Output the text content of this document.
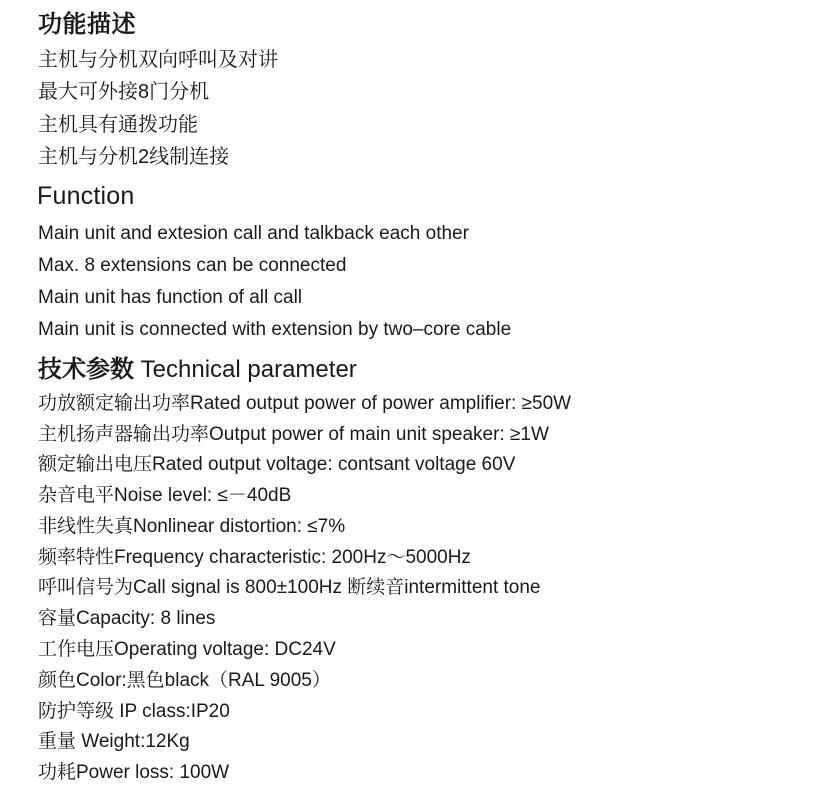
功能描述

主机与分机双向呼叫及对讲

最大可外接8门分机

主机具有通拨功能

主机与分机2线制连接

Function

Main unit and extesion call and talkback each other

Max. 8 extensions can be connected

Main unit has function of all call

Main unit is connected with extension by two–core cable

技术参数 Technical parameter

功放额定输出功率Rated output power of power amplifier: ≥50W

主机扬声器输出功率Output power of main unit speaker: ≥1W

额定输出电压Rated output voltage: contsant voltage 60V

杂音电平Noise level: ≤－40dB

非线性失真Nonlinear distortion: ≤7%

频率特性Frequency characteristic: 200Hz～5000Hz

呼叫信号为Call signal is 800±100Hz 断续音intermittent tone

容量Capacity: 8 lines

工作电压Operating voltage: DC24V

颜色Color:黑色black（RAL 9005）

防护等级 IP class:IP20

重量 Weight:12Kg

功耗Power loss: 100W
